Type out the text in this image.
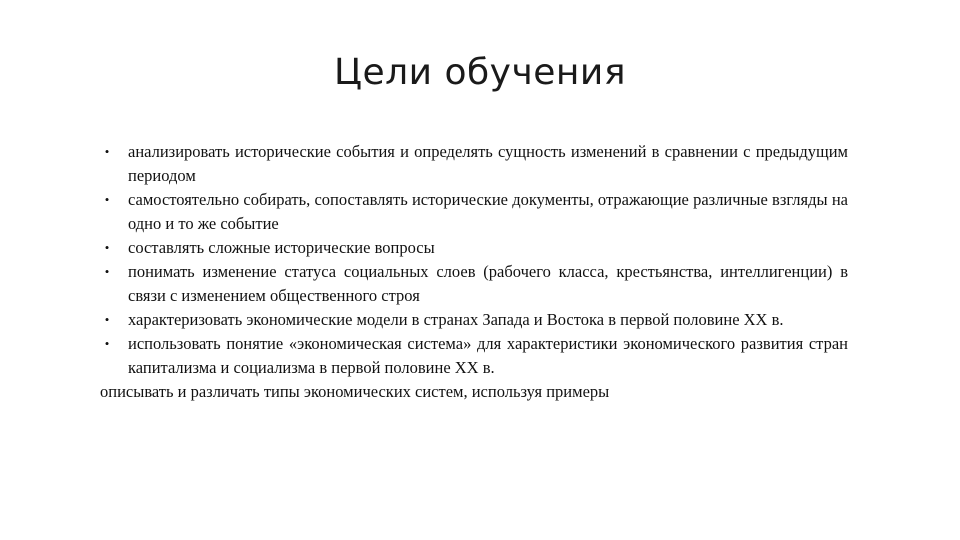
Цели обучения
• анализировать исторические события и определять сущность изменений в сравнении с предыдущим периодом
• самостоятельно собирать, сопоставлять исторические документы, отражающие различные взгляды на одно и то же событие
• составлять сложные исторические вопросы
• понимать изменение статуса социальных слоев (рабочего класса, крестьянства, интеллигенции) в связи с изменением общественного строя
• характеризовать экономические модели в странах Запада и Востока в первой половине XX в.
• использовать понятие «экономическая система» для характеристики экономического развития стран капитализма и социализма в первой половине XX в.
описывать и различать типы экономических систем, используя примеры
